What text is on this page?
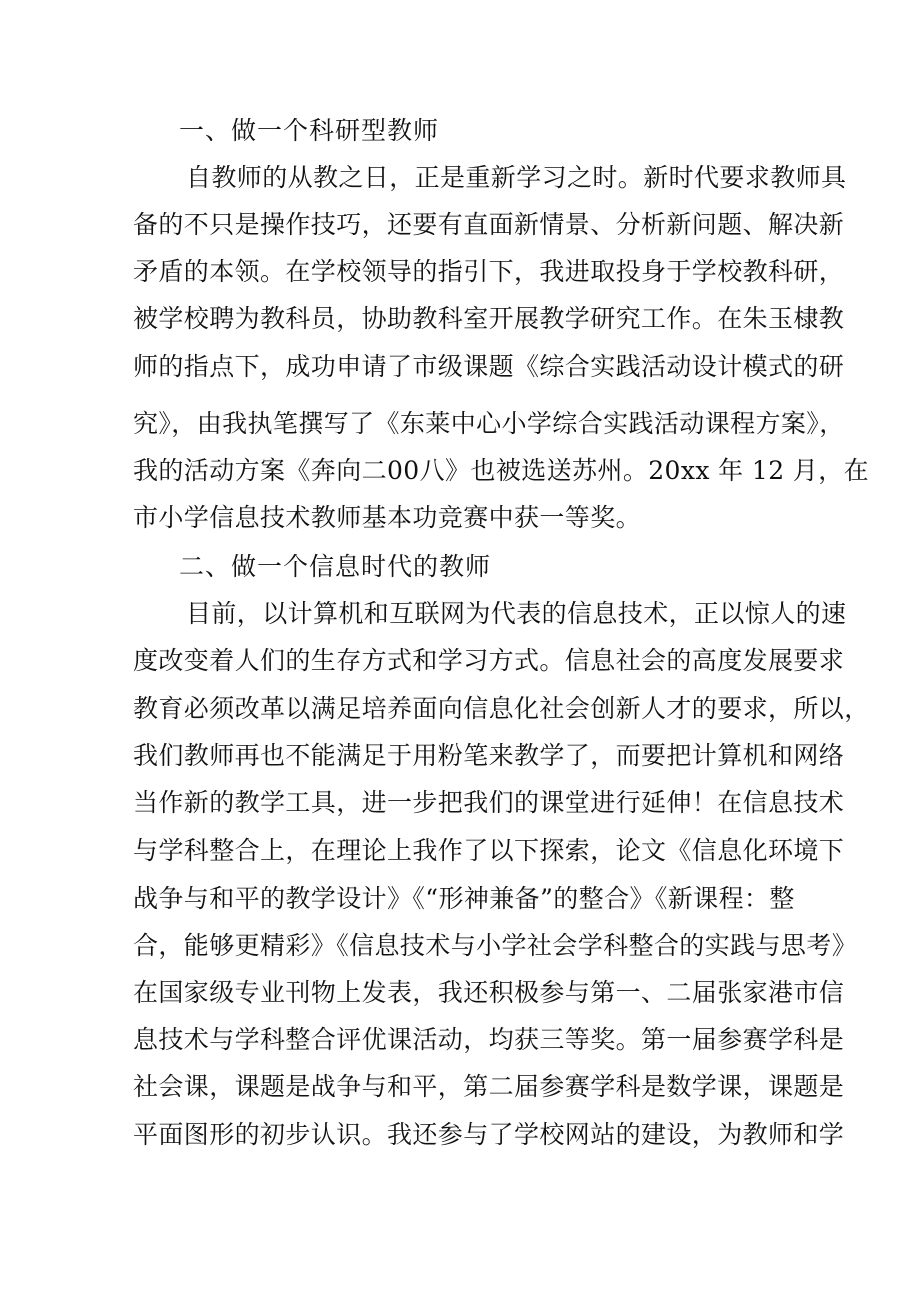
一、做一个科研型教师
自教师的从教之日，正是重新学习之时。新时代要求教师具
备的不只是操作技巧，还要有直面新情景、分析新问题、解决新
矛盾的本领。在学校领导的指引下，我进取投身于学校教科研，
被学校聘为教科员，协助教科室开展教学研究工作。在朱玉棣教
师的指点下，成功申请了市级课题《综合实践活动设计模式的研
究》，由我执笔撰写了《东莱中心小学综合实践活动课程方案》，
我的活动方案《奔向二00八》也被选送苏州。20xx 年 12 月，在
市小学信息技术教师基本功竞赛中获一等奖。
二、做一个信息时代的教师
目前，以计算机和互联网为代表的信息技术，正以惊人的速
度改变着人们的生存方式和学习方式。信息社会的高度发展要求
教育必须改革以满足培养面向信息化社会创新人才的要求，所以，
我们教师再也不能满足于用粉笔来教学了，而要把计算机和网络
当作新的教学工具，进一步把我们的课堂进行延伸！在信息技术
与学科整合上，在理论上我作了以下探索，论文《信息化环境下
战争与和平的教学设计》《“形神兼备”的整合》《新课程：整
合，能够更精彩》《信息技术与小学社会学科整合的实践与思考》
在国家级专业刊物上发表，我还积极参与第一、二届张家港市信
息技术与学科整合评优课活动，均获三等奖。第一届参赛学科是
社会课，课题是战争与和平，第二届参赛学科是数学课，课题是
平面图形的初步认识。我还参与了学校网站的建设，为教师和学
